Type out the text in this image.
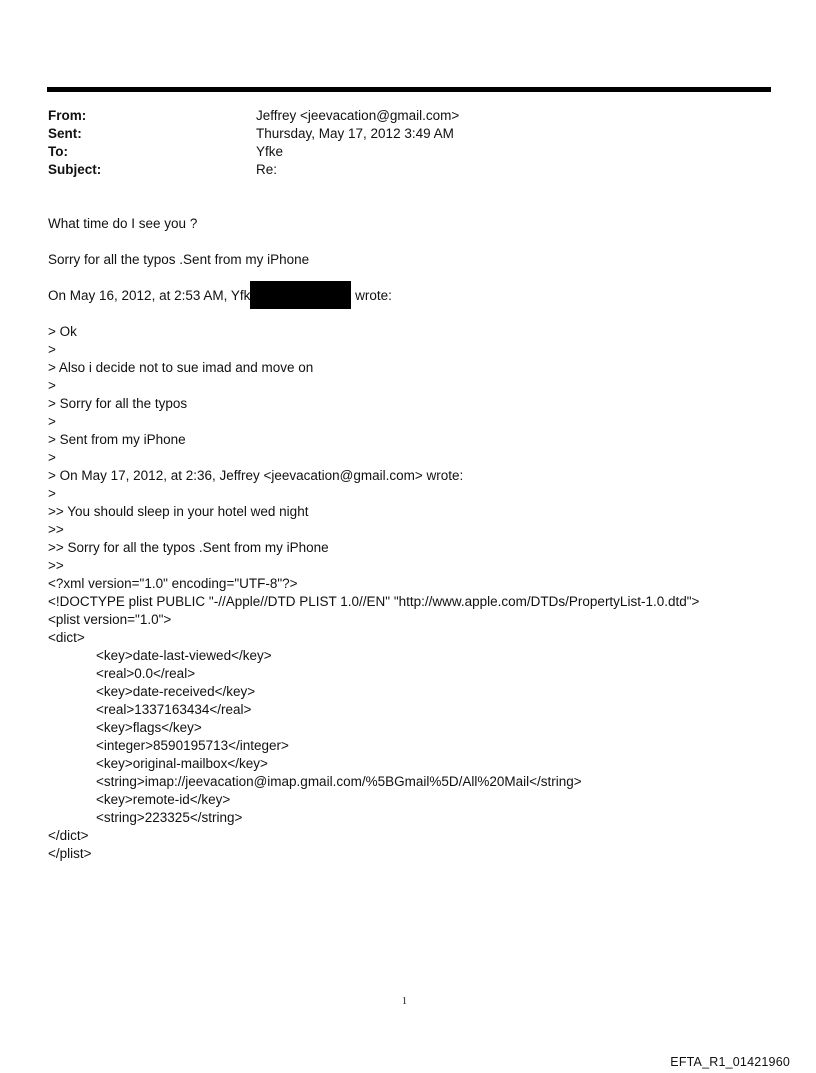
From:	Jeffrey <jeevacation@gmail.com>
Sent:	Thursday, May 17, 2012 3:49 AM
To:	Yfke
Subject:	Re:
What time do I see you ?
Sorry for all the typos .Sent from my iPhone
On May 16, 2012, at 2:53 AM, Yfk	wrote:
> Ok
>
> Also i decide not to sue imad and move on
>
> Sorry for all the typos
>
> Sent from my iPhone
>
> On May 17, 2012, at 2:36, Jeffrey <jeevacation@gmail.com> wrote:
>
>> You should sleep in your hotel wed night
>>
>> Sorry for all the typos .Sent from my iPhone
>>
<?xml version="1.0" encoding="UTF-8"?>
<!DOCTYPE plist PUBLIC "-//Apple//DTD PLIST 1.0//EN" "http://www.apple.com/DTDs/PropertyList-1.0.dtd">
<plist version="1.0">
<dict>
<key>date-last-viewed</key>
<real>0.0</real>
<key>date-received</key>
<real>1337163434</real>
<key>flags</key>
<integer>8590195713</integer>
<key>original-mailbox</key>
<string>imap://jeevacation@imap.gmail.com/%5BGmail%5D/All%20Mail</string>
<key>remote-id</key>
<string>223325</string>
</dict>
</plist>
1
EFTA_R1_01421960
